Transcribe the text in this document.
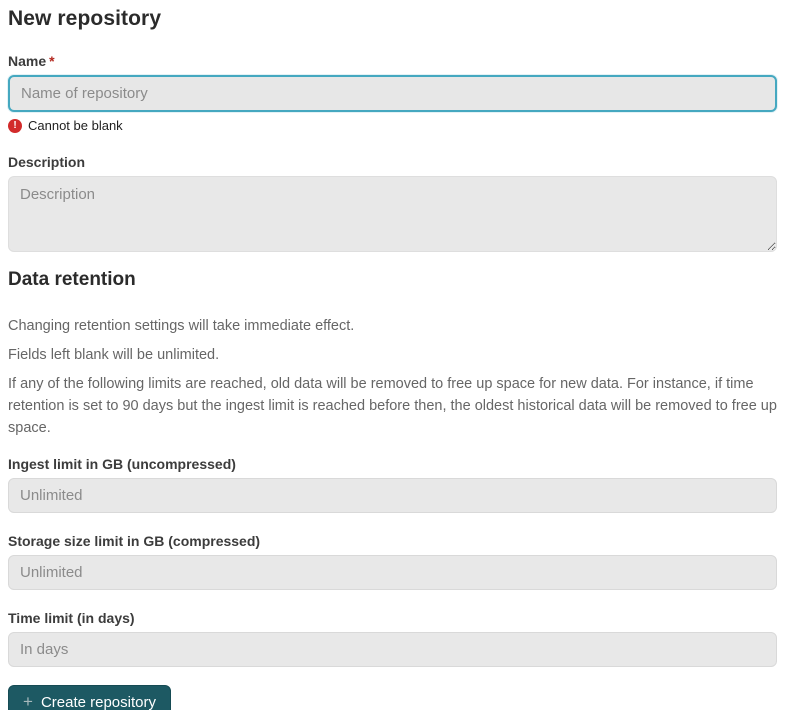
New repository
Name *
Name of repository
! Cannot be blank
Description
Description
Data retention

Changing retention settings will take immediate effect.

Fields left blank will be unlimited.

If any of the following limits are reached, old data will be removed to free up space for new data. For instance, if time retention is set to 90 days but the ingest limit is reached before then, the oldest historical data will be removed to free up space.

Ingest limit in GB (uncompressed)
Unlimited
Storage size limit in GB (compressed)
Unlimited
Time limit (in days)
In days
+ Create repository
